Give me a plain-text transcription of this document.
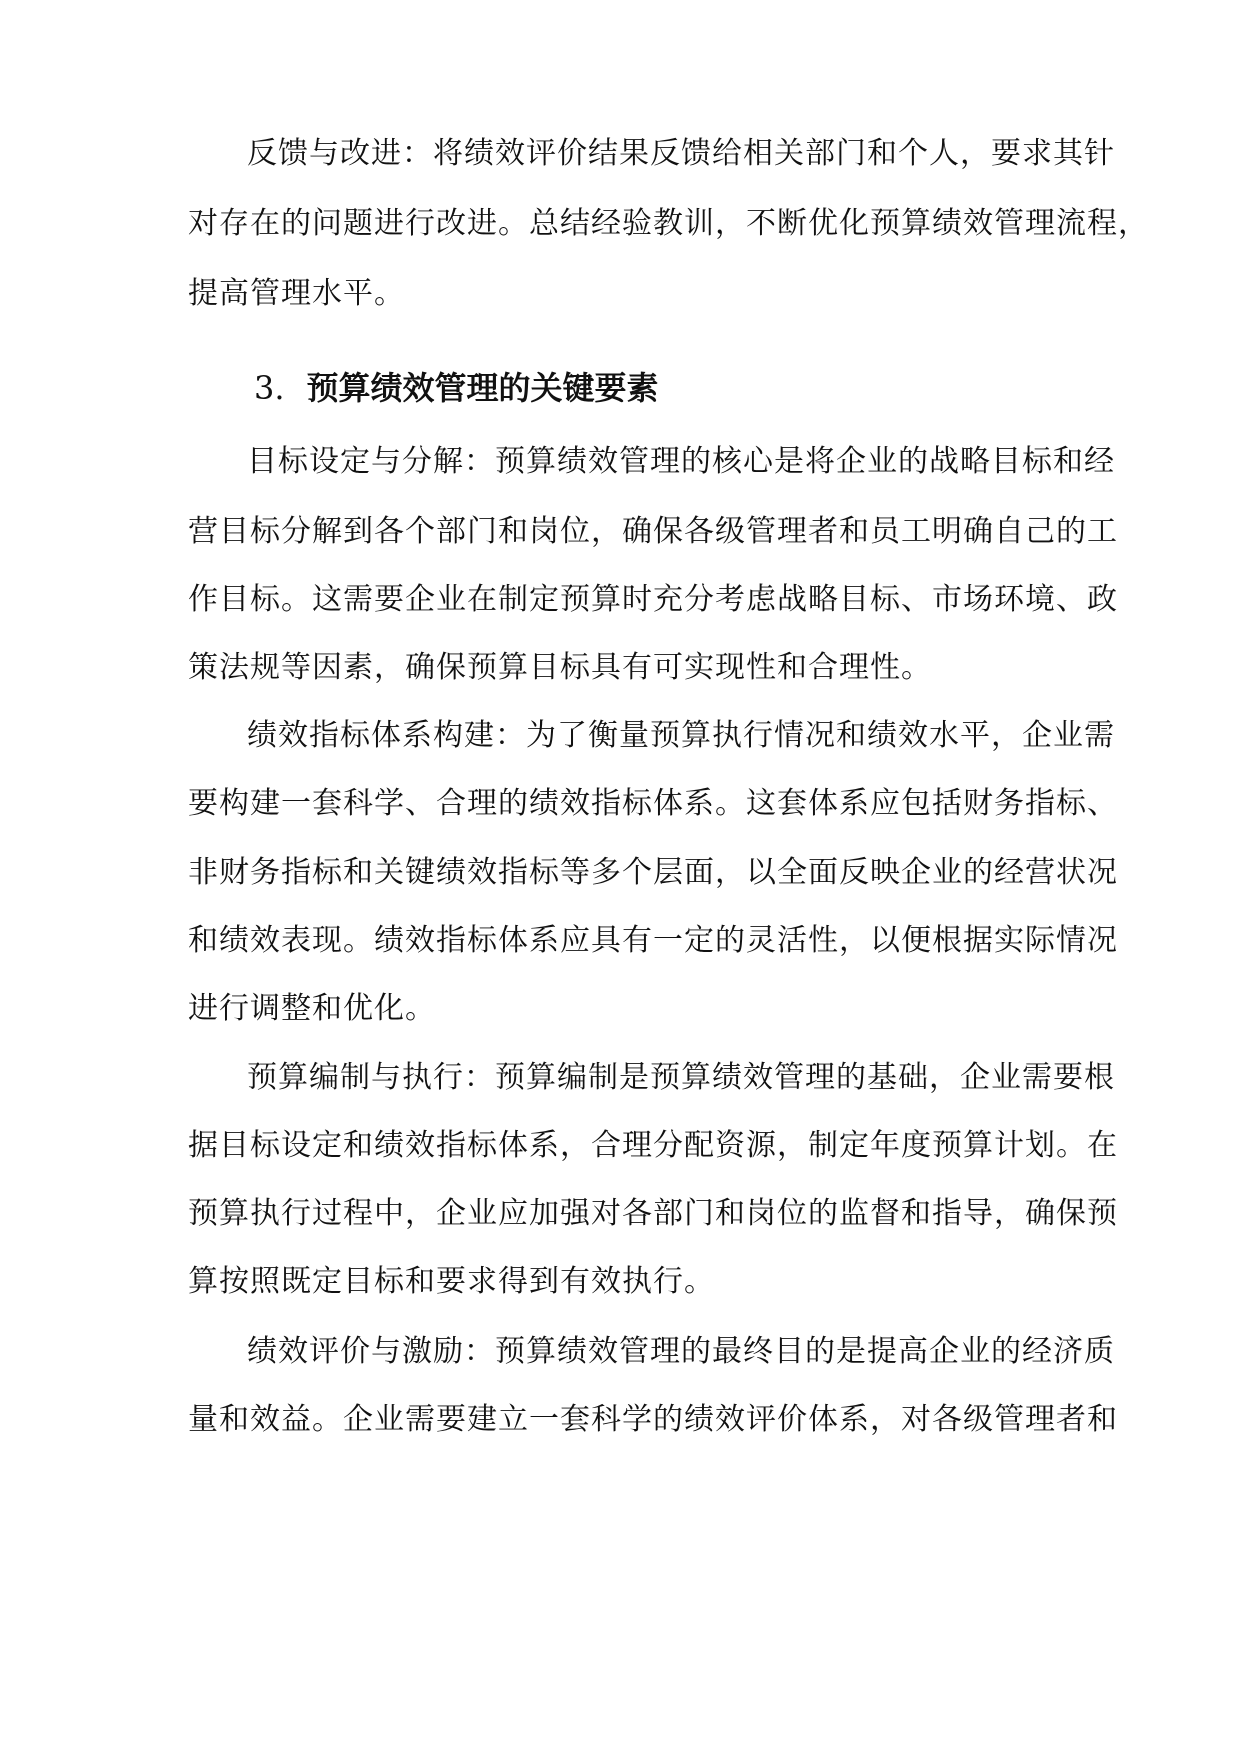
反馈与改进：将绩效评价结果反馈给相关部门和个人，要求其针
对存在的问题进行改进。总结经验教训，不断优化预算绩效管理流程，
提高管理水平。
3. 预算绩效管理的关键要素
目标设定与分解：预算绩效管理的核心是将企业的战略目标和经
营目标分解到各个部门和岗位，确保各级管理者和员工明确自己的工
作目标。这需要企业在制定预算时充分考虑战略目标、市场环境、政
策法规等因素，确保预算目标具有可实现性和合理性。
绩效指标体系构建：为了衡量预算执行情况和绩效水平，企业需
要构建一套科学、合理的绩效指标体系。这套体系应包括财务指标、
非财务指标和关键绩效指标等多个层面，以全面反映企业的经营状况
和绩效表现。绩效指标体系应具有一定的灵活性，以便根据实际情况
进行调整和优化。
预算编制与执行：预算编制是预算绩效管理的基础，企业需要根
据目标设定和绩效指标体系，合理分配资源，制定年度预算计划。在
预算执行过程中，企业应加强对各部门和岗位的监督和指导，确保预
算按照既定目标和要求得到有效执行。
绩效评价与激励：预算绩效管理的最终目的是提高企业的经济质
量和效益。企业需要建立一套科学的绩效评价体系，对各级管理者和
